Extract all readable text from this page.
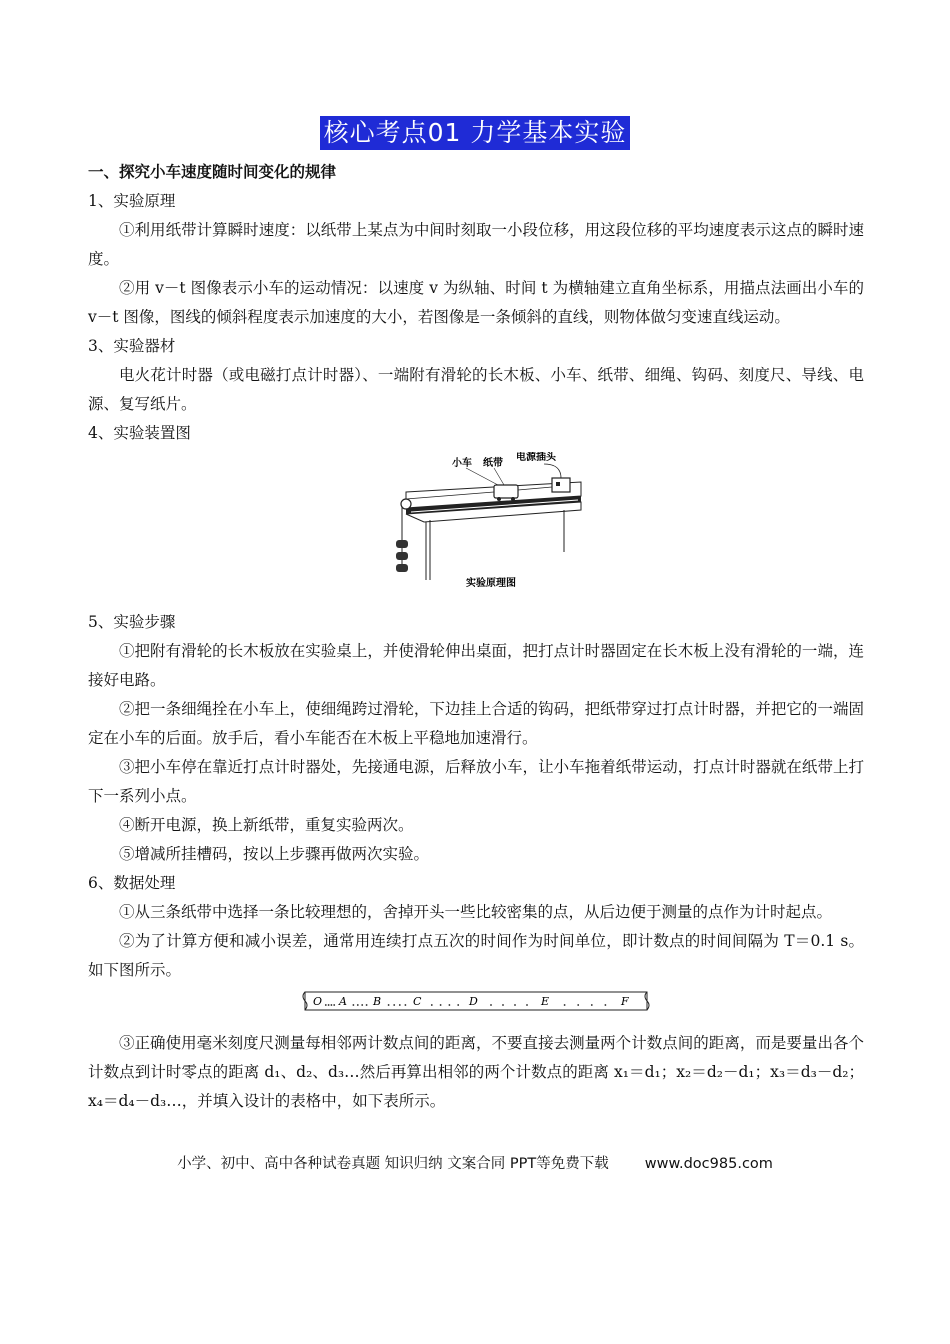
核心考点01 力学基本实验
一、探究小车速度随时间变化的规律
1、实验原理
①利用纸带计算瞬时速度：以纸带上某点为中间时刻取一小段位移，用这段位移的平均速度表示这点的瞬时速度。
②用 v－t 图像表示小车的运动情况：以速度 v 为纵轴、时间 t 为横轴建立直角坐标系，用描点法画出小车的 v－t 图像，图线的倾斜程度表示加速度的大小，若图像是一条倾斜的直线，则物体做匀变速直线运动。
3、实验器材
电火花计时器（或电磁打点计时器）、一端附有滑轮的长木板、小车、纸带、细绳、钩码、刻度尺、导线、电源、复写纸片。
4、实验装置图
小车 纸带
电源插头
实验原理图
5、实验步骤
①把附有滑轮的长木板放在实验桌上，并使滑轮伸出桌面，把打点计时器固定在长木板上没有滑轮的一端，连接好电路。
②把一条细绳拴在小车上，使细绳跨过滑轮，下边挂上合适的钩码，把纸带穿过打点计时器，并把它的一端固定在小车的后面。放手后，看小车能否在木板上平稳地加速滑行。
③把小车停在靠近打点计时器处，先接通电源，后释放小车，让小车拖着纸带运动，打点计时器就在纸带上打下一系列小点。
④断开电源，换上新纸带，重复实验两次。
⑤增减所挂槽码，按以上步骤再做两次实验。
6、数据处理
①从三条纸带中选择一条比较理想的，舍掉开头一些比较密集的点，从后边便于测量的点作为计时起点。
②为了计算方便和减小误差，通常用连续打点五次的时间作为时间单位，即计数点的时间间隔为 T＝0.1 s。如下图所示。
O A B	C	D	E	F
③正确使用毫米刻度尺测量每相邻两计数点间的距离，不要直接去测量两个计数点间的距离，而是要量出各个计数点到计时零点的距离 d₁、d₂、d₃…然后再算出相邻的两个计数点的距离 x₁＝d₁；x₂＝d₂－d₁；x₃＝d₃－d₂；x₄＝d₄－d₃…，并填入设计的表格中，如下表所示。
小学、初中、高中各种试卷真题 知识归纳 文案合同 PPT等免费下载 www.doc985.com
